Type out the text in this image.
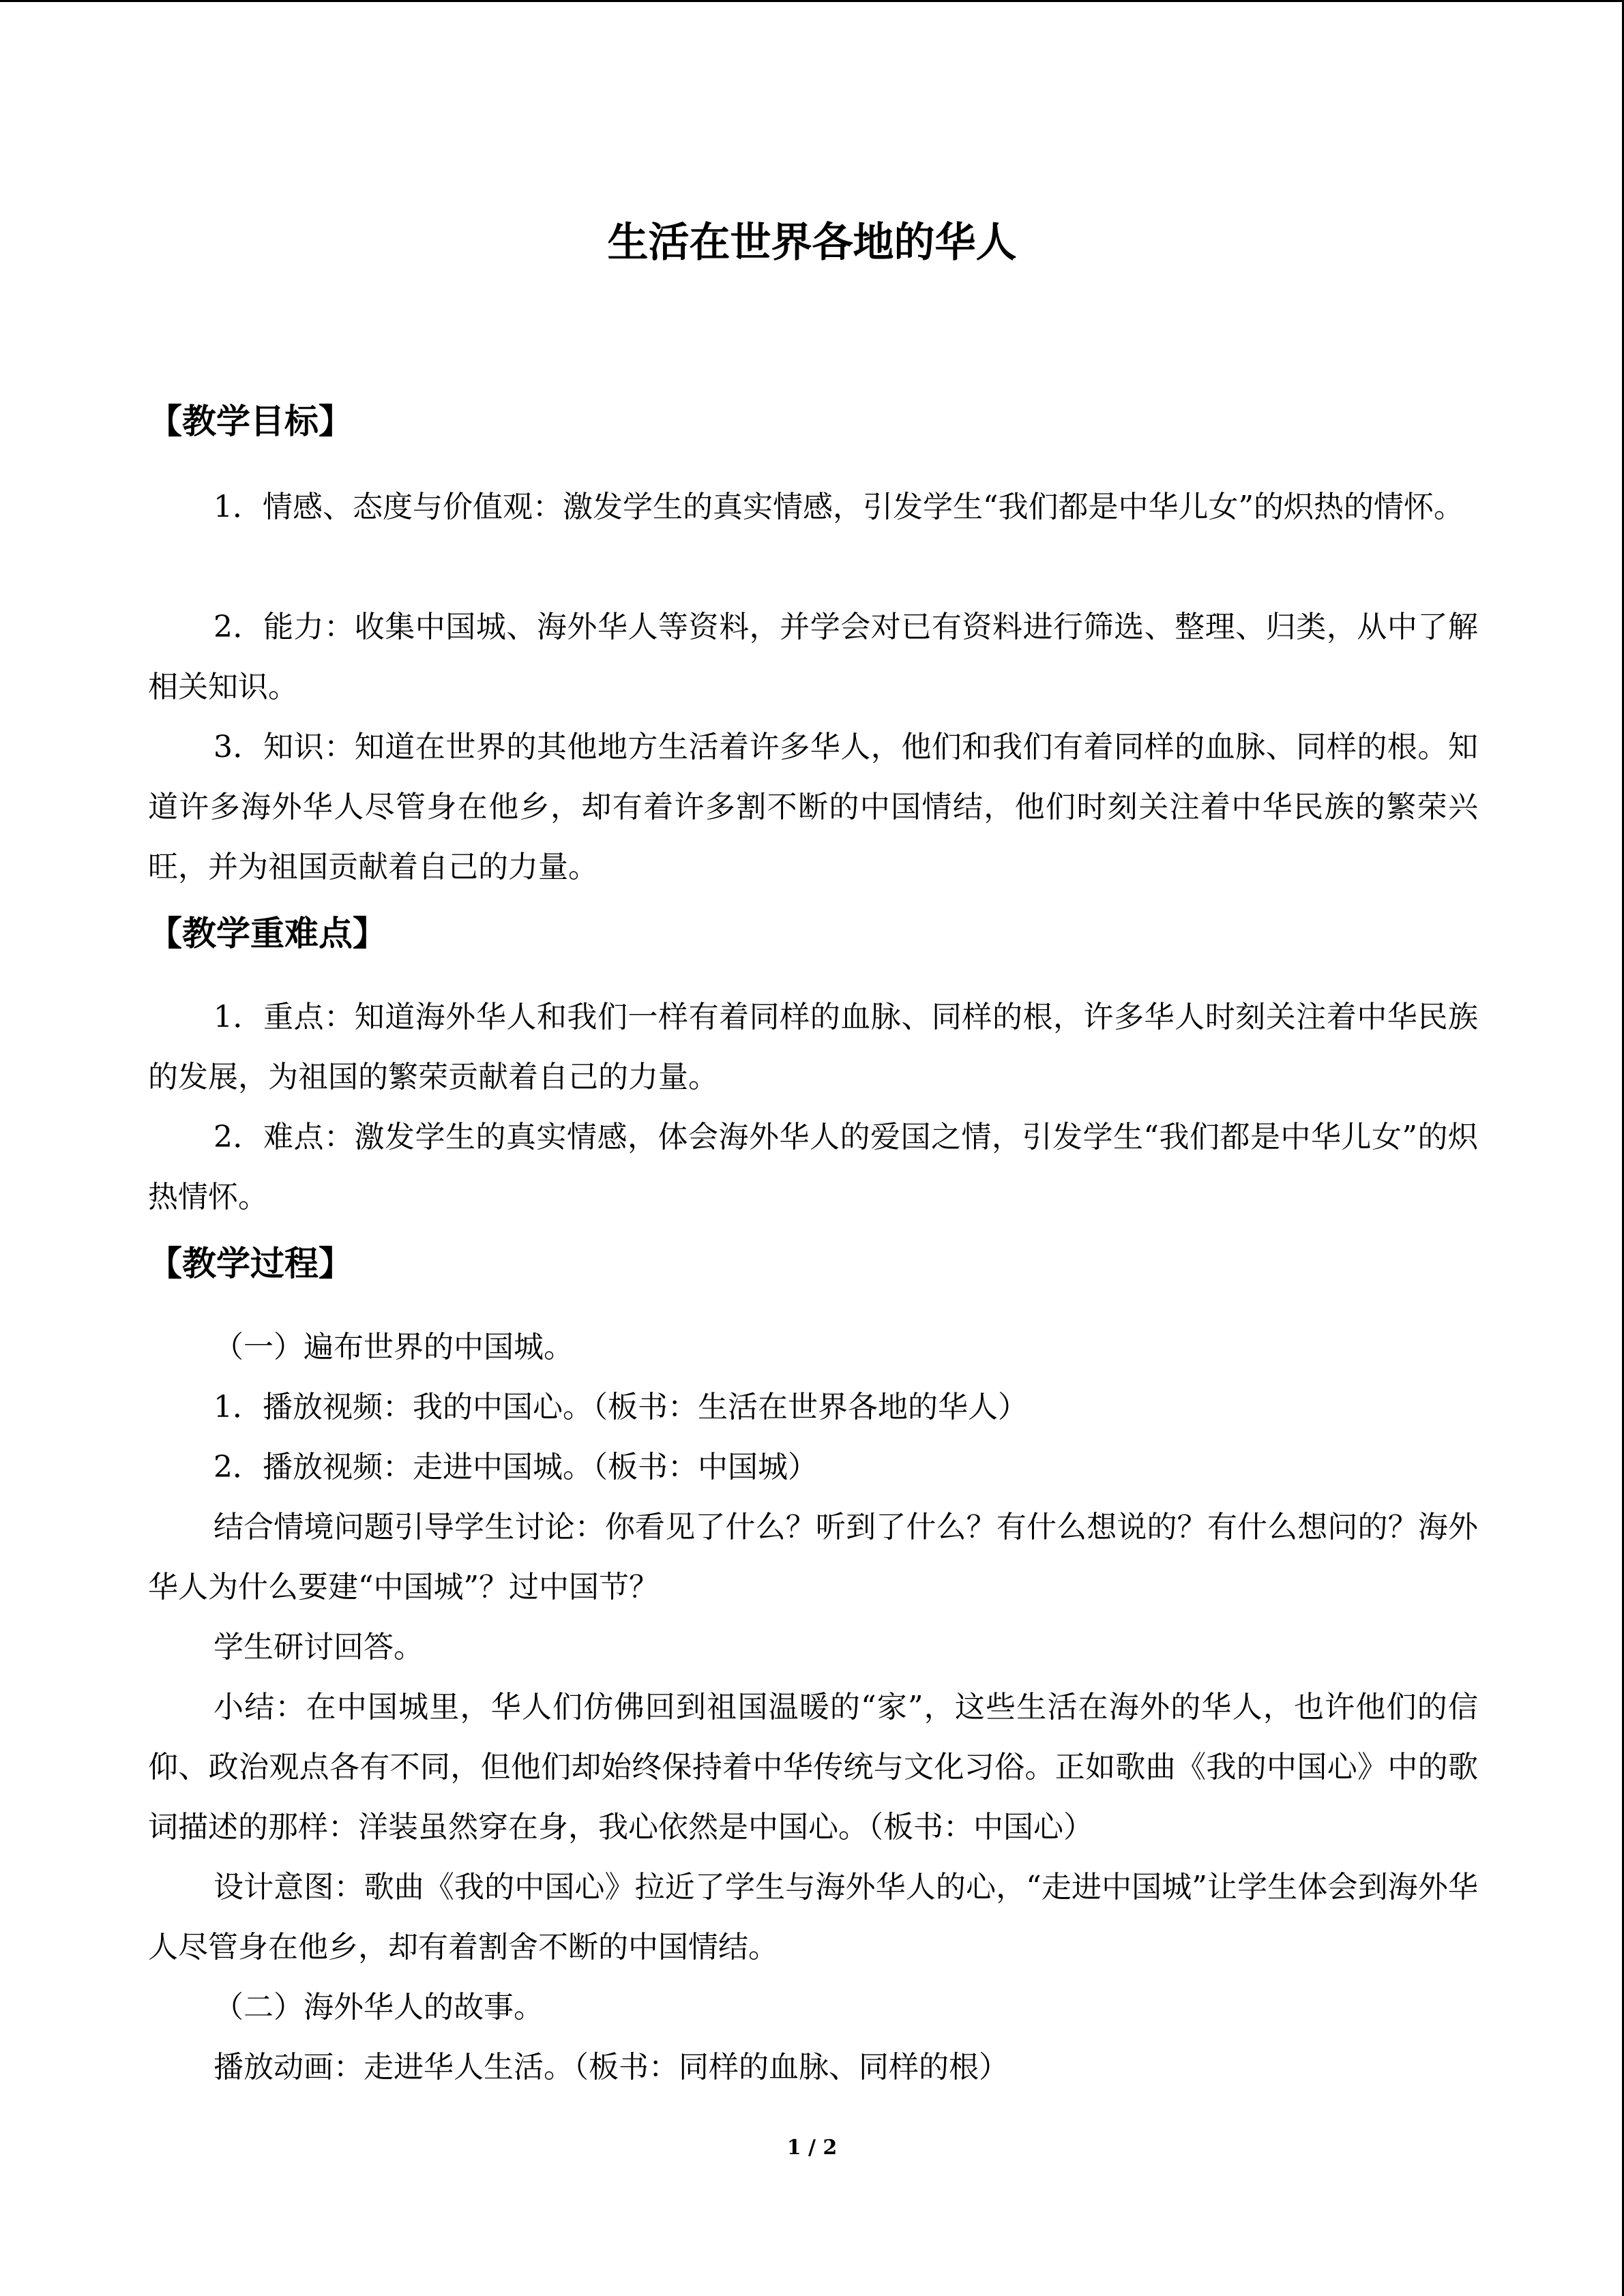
生活在世界各地的华人
【教学目标】

1．情感、态度与价值观：激发学生的真实情感，引发学生“我们都是中华儿女”的炽热的情怀。

2．能力：收集中国城、海外华人等资料，并学会对已有资料进行筛选、整理、归类，从中了解相关知识。

3．知识：知道在世界的其他地方生活着许多华人，他们和我们有着同样的血脉、同样的根。知道许多海外华人尽管身在他乡，却有着许多割不断的中国情结，他们时刻关注着中华民族的繁荣兴旺，并为祖国贡献着自己的力量。

【教学重难点】

1．重点：知道海外华人和我们一样有着同样的血脉、同样的根，许多华人时刻关注着中华民族的发展，为祖国的繁荣贡献着自己的力量。

2．难点：激发学生的真实情感，体会海外华人的爱国之情，引发学生“我们都是中华儿女”的炽热情怀。

【教学过程】

（一）遍布世界的中国城。

1．播放视频：我的中国心。（板书：生活在世界各地的华人）

2．播放视频：走进中国城。（板书：中国城）

结合情境问题引导学生讨论：你看见了什么？听到了什么？有什么想说的？有什么想问的？海外华人为什么要建“中国城”？过中国节？

学生研讨回答。

小结：在中国城里，华人们仿佛回到祖国温暖的“家”，这些生活在海外的华人，也许他们的信仰、政治观点各有不同，但他们却始终保持着中华传统与文化习俗。正如歌曲《我的中国心》中的歌词描述的那样：洋装虽然穿在身，我心依然是中国心。（板书：中国心）

设计意图：歌曲《我的中国心》拉近了学生与海外华人的心，“走进中国城”让学生体会到海外华人尽管身在他乡，却有着割舍不断的中国情结。

（二）海外华人的故事。

播放动画：走进华人生活。（板书：同样的血脉、同样的根）

1 / 2
